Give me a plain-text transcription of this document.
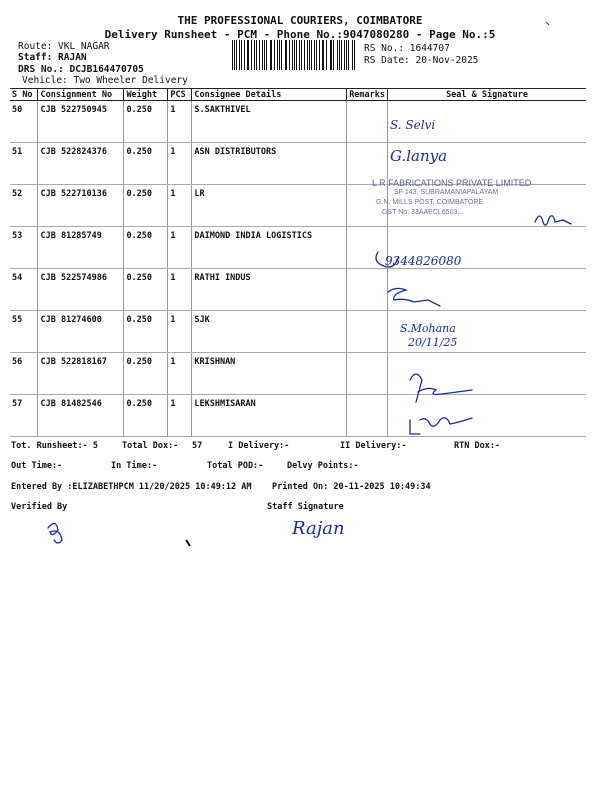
THE PROFESSIONAL COURIERS, COIMBATORE
Delivery Runsheet - PCM - Phone No.:9047080280 - Page No.:5
Route: VKL NAGAR
Staff: RAJAN
DRS No.: DCJB164470705
Vehicle: Two Wheeler Delivery
RS No.: 1644707
RS Date: 20-Nov-2025
S No	Consignment No	Weight	PCS	Consignee Details	Remarks	Seal & Signature
50	CJB 522750945	0.250	1	S.SAKTHIVEL		
51	CJB 522824376	0.250	1	ASN DISTRIBUTORS		
52	CJB 522710136	0.250	1	LR		
53	CJB 81285749	0.250	1	DAIMOND INDIA LOGISTICS		
54	CJB 522574986	0.250	1	RATHI INDUS		
55	CJB 81274600	0.250	1	SJK		
56	CJB 522818167	0.250	1	KRISHNAN		
57	CJB 81482546	0.250	1	LEKSHMISARAN		
L R FABRICATIONS PRIVATE LIMITED
SF 143, SUBRAMANIAPALAYAM
G.N. MILLS POST, COIMBATORE
GST No: 33AAECL6503...
S. Selvi
G.lanya
9344826080
S.Mohana
20/11/25
Rajan
Tot. Runsheet:- 5	Total Dox:- 57	I Delivery:-	II Delivery:-	RTN Dox:-
Out Time:-	In Time:-	Total POD:-	Delvy Points:-
Entered By :ELIZABETHPCM 11/20/2025 10:49:12 AM Printed On: 20-11-2025 10:49:34
Verified By	Staff Signature
